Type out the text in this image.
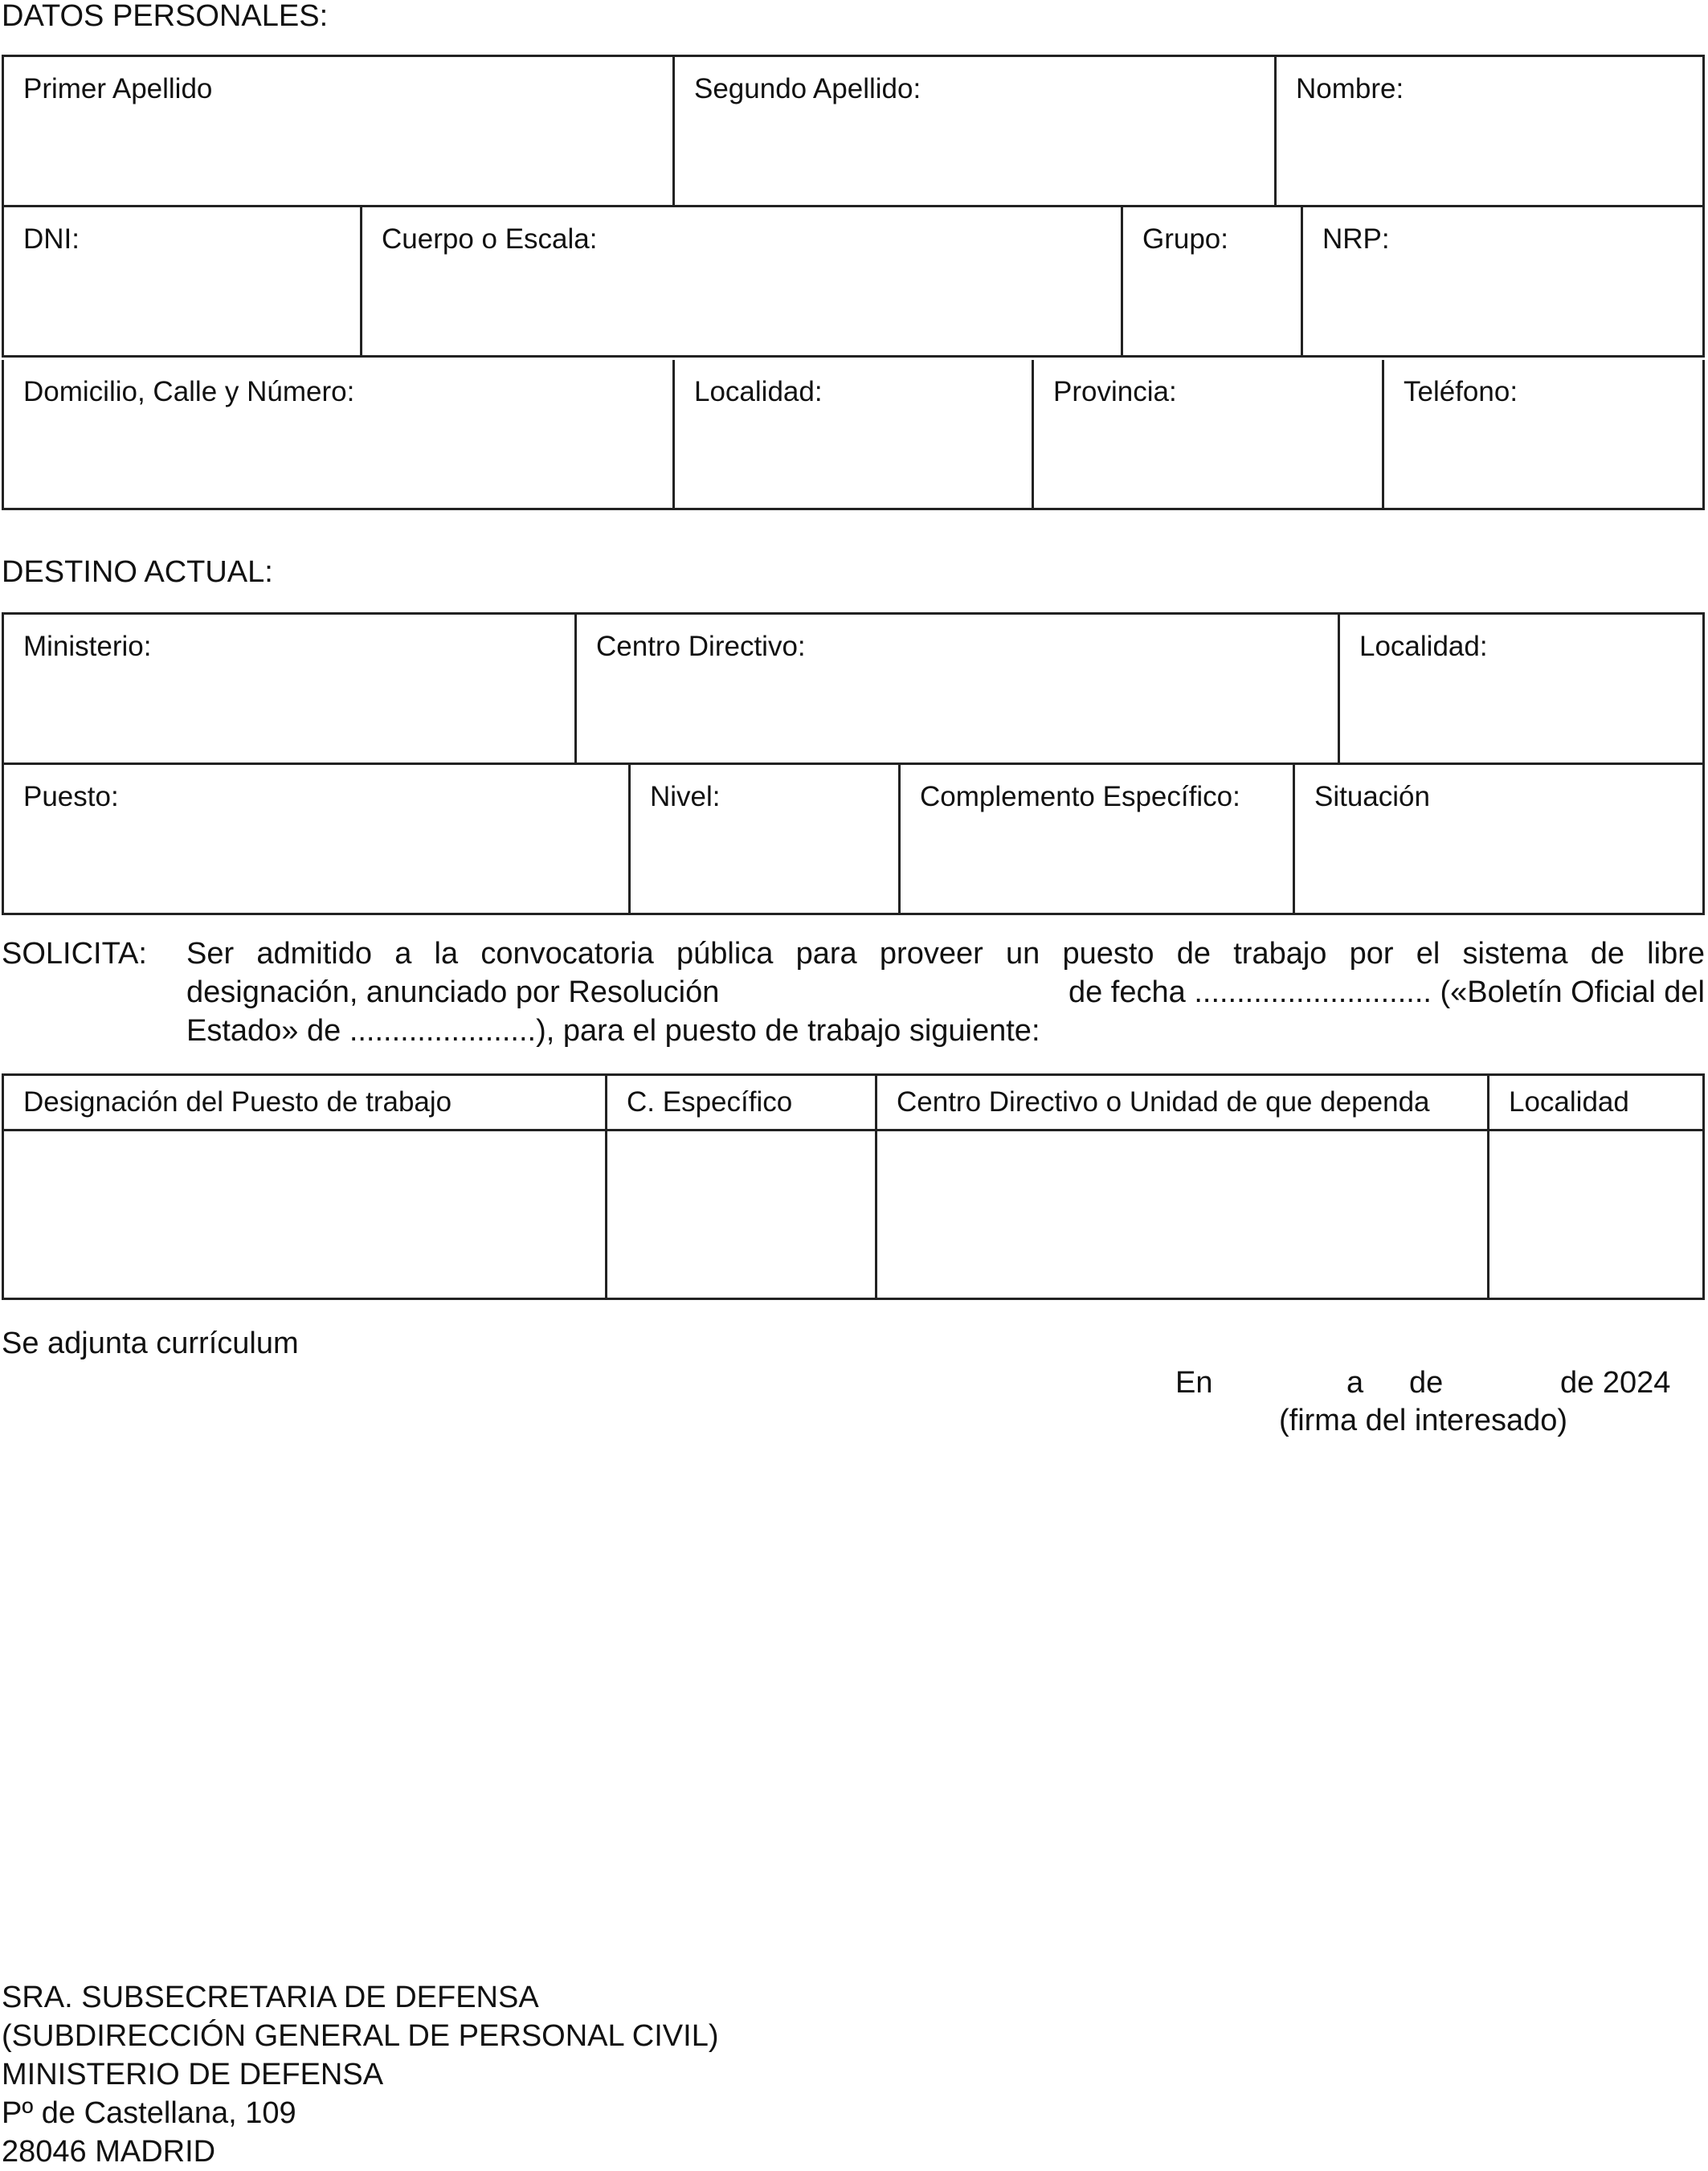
DATOS PERSONALES:
Primer Apellido	Segundo Apellido:	Nombre:
DNI:	Cuerpo o Escala:	Grupo:	NRP:
Domicilio, Calle y Número:	Localidad:	Provincia:	Teléfono:
DESTINO ACTUAL:
Ministerio:	Centro Directivo:	Localidad:
Puesto:	Nivel:	Complemento Específico:	Situación
SOLICITA: Ser admitido a la convocatoria pública para proveer un puesto de trabajo por el sistema de libre
designación, anunciado por Resolución	de fecha ............................ («Boletín Oficial del
Estado» de ......................), para el puesto de trabajo siguiente:
Designación del Puesto de trabajo	C. Específico	Centro Directivo o Unidad de que dependa	Localidad

Se adjunta currículum
En	a de	de 2024
(firma del interesado)
SRA. SUBSECRETARIA DE DEFENSA
(SUBDIRECCIÓN GENERAL DE PERSONAL CIVIL)
MINISTERIO DE DEFENSA
Pº de Castellana, 109
28046 MADRID
